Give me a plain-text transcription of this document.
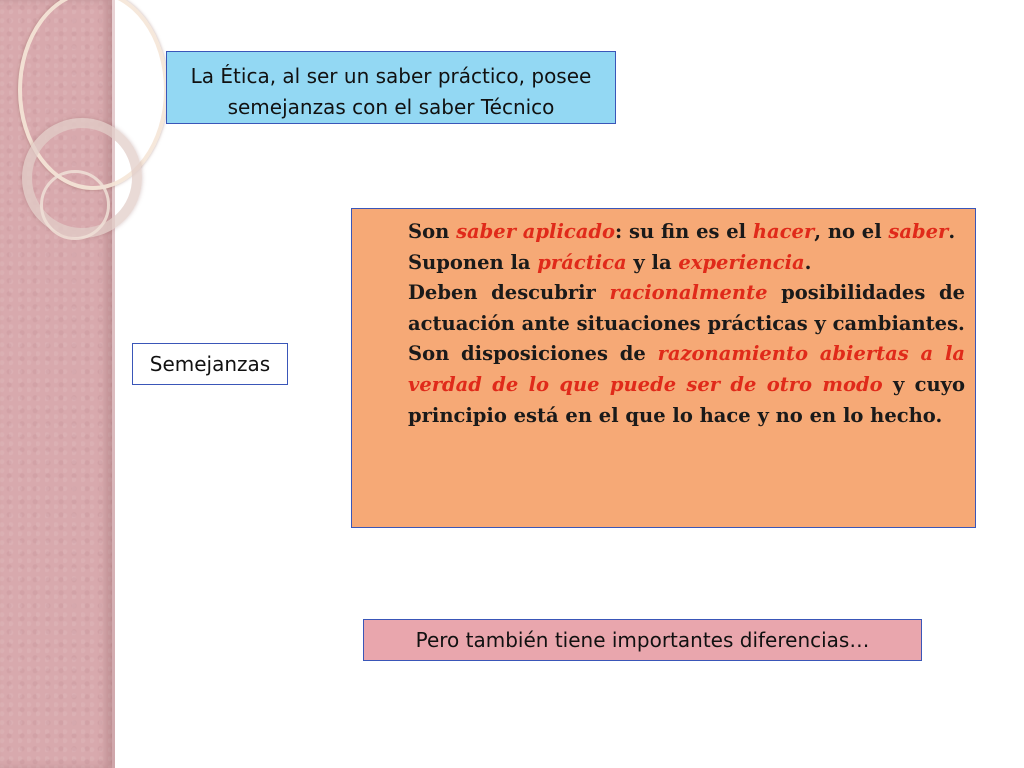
La Ética, al ser un saber práctico, posee
semejanzas con el saber Técnico
Semejanzas

Son saber aplicado: su fin es el hacer, no el saber.

Suponen la práctica y la experiencia.

Deben descubrir racionalmente posibilidades de actuación ante situaciones prácticas y cambiantes.

Son disposiciones de razonamiento abiertas a la verdad de lo que puede ser de otro modo y cuyo principio está en el que lo hace y no en lo hecho.

Pero también tiene importantes diferencias…
